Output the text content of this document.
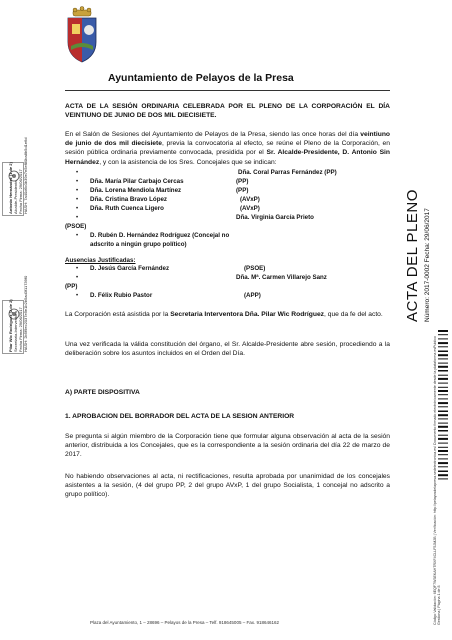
Ayuntamiento de Pelayos de la Presa
Antonio Hernández (1 de 2) Alcalde-Presidente Fecha Firma: 29/06/2017 HASH: 7a40d6c0b39e7e5ef80ba8b5d1e6d
Pilar Wic Rodríguez (2 de 2) Secretaria-Interventora Fecha Firma: 29/06/2017 HASH: 2b5f9ec2037e9e1b2b5ad3f11739f0
ACTA DE LA SESIÓN ORDINARIA CELEBRADA POR EL PLENO DE LA CORPORACIÓN EL DÍA VEINTIUNO DE JUNIO DE DOS MIL DIECISIETE.
En el Salón de Sesiones del Ayuntamiento de Pelayos de la Presa, siendo las once horas del día veintiuno de junio de dos mil diecisiete, previa la convocatoria al efecto, se reúne el Pleno de la Corporación, en sesión pública ordinaria previamente convocada, presidida por el Sr. Alcalde-Presidente, D. Antonio Sin Hernández, y con la asistencia de los Sres. Concejales que se indican:
•	Dña. Coral Parras Fernández (PP)
• Dña. María Pilar Carbajo Cercas	(PP)
• Dña. Lorena Mendiola Martínez	(PP)
• Dña. Cristina Bravo López	(AVxP)
• Dña. Ruth Cuenca Ligero	(AVxP)
•	Dña. Virginia García Prieto
(PSOE)
• D. Rubén D. Hernández Rodríguez (Concejal no
adscrito a ningún grupo político)
Ausencias Justificadas:
• D. Jesús García Fernández	(PSOE)
•	Dña. Mª. Carmen Villarejo Sanz
(PP)
• D. Félix Rubio Pastor	(APP)
La Corporación está asistida por la Secretaria Interventora Dña. Pilar Wic Rodríguez, que da fe del acto.
Una vez verificada la válida constitución del órgano, el Sr. Alcalde-Presidente abre sesión, procediendo a la deliberación sobre los asuntos incluidos en el Orden del Día.
A) PARTE DISPOSITIVA
1. APROBACION DEL BORRADOR DEL ACTA DE LA SESION ANTERIOR
Se pregunta si algún miembro de la Corporación tiene que formular alguna observación al acta de la sesión anterior, distribuida a los Concejales, que es la correspondiente a la sesión ordinaria del día 22 de marzo de 2017.
No habiendo observaciones al acta, ni rectificaciones, resulta aprobada por unanimidad de los concejales asistentes a la sesión, (4 del grupo PP, 2 del grupo AVxP, 1 del grupo Socialista, 1 concejal no adscrito a grupo político).
Plaza del Ayuntamiento, 1 – 28696 – Pelayos de la Presa – Telf. 918645005 – Fax. 918646162
ACTA DEL PLENO Número: 2017-0002 Fecha: 29/06/2017
Código Validación: 6EQF7W3EKAHTRXF4CLLF5JM2B | Verificación: http://pelayosdelapresa.sedelectronica.es/ Documento firmado electrónicamente desde la plataforma esPublico Gestiona | Página 1 de 8
